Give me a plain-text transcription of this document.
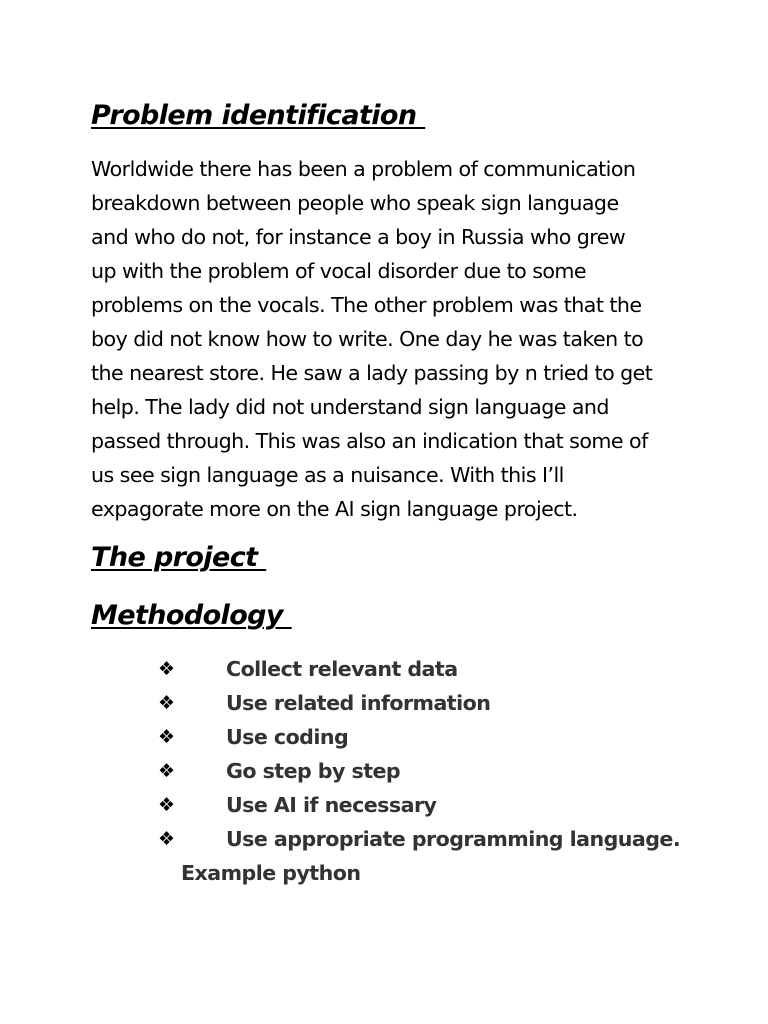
Problem identification

Worldwide there has been a problem of communication
breakdown between people who speak sign language
and who do not, for instance a boy in Russia who grew
up with the problem of vocal disorder due to some
problems on the vocals. The other problem was that the
boy did not know how to write. One day he was taken to
the nearest store. He saw a lady passing by n tried to get
help. The lady did not understand sign language and
passed through. This was also an indication that some of
us see sign language as a nuisance. With this I’ll
expagorate more on the AI sign language project.

The project
Methodology
❖ Collect relevant data
❖ Use related information
❖ Use coding
❖ Go step by step
❖ Use AI if necessary
❖ Use appropriate programming language.
Example python
